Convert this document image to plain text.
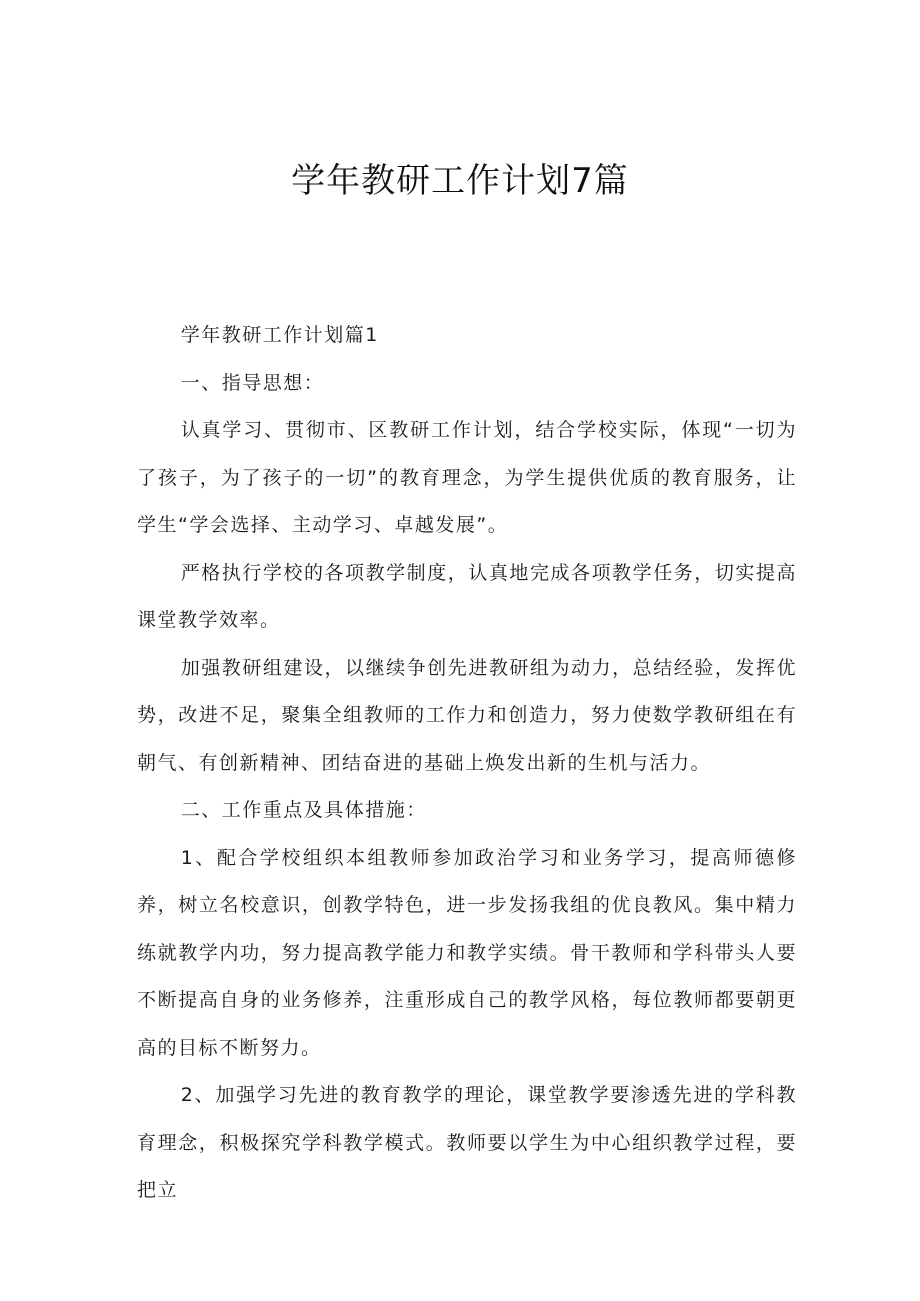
学年教研工作计划7篇

学年教研工作计划篇1

一、指导思想：

认真学习、贯彻市、区教研工作计划，结合学校实际，体现“一切为了孩子，为了孩子的一切”的教育理念，为学生提供优质的教育服务，让学生“学会选择、主动学习、卓越发展”。

严格执行学校的各项教学制度，认真地完成各项教学任务，切实提高课堂教学效率。

加强教研组建设，以继续争创先进教研组为动力，总结经验，发挥优势，改进不足，聚集全组教师的工作力和创造力，努力使数学教研组在有朝气、有创新精神、团结奋进的基础上焕发出新的生机与活力。

二、工作重点及具体措施：

1、配合学校组织本组教师参加政治学习和业务学习，提高师德修养，树立名校意识，创教学特色，进一步发扬我组的优良教风。集中精力练就教学内功，努力提高教学能力和教学实绩。骨干教师和学科带头人要不断提高自身的业务修养，注重形成自己的教学风格，每位教师都要朝更高的目标不断努力。

2、加强学习先进的教育教学的理论，课堂教学要渗透先进的学科教育理念，积极探究学科教学模式。教师要以学生为中心组织教学过程，要把立
